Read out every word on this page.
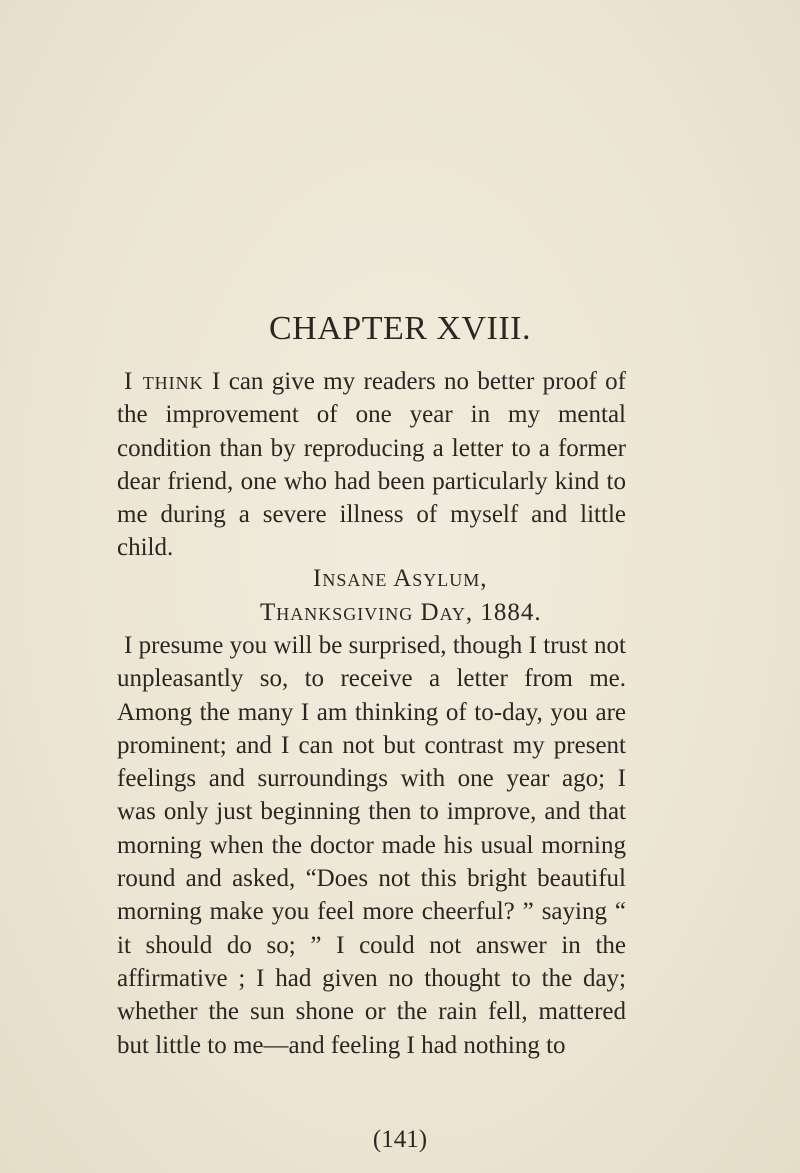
CHAPTER XVIII.

I think I can give my readers no better proof of the improvement of one year in my mental condition than by reproducing a letter to a former dear friend, one who had been particularly kind to me during a severe illness of myself and little child.

Insane Asylum,
Thanksgiving Day, 1884.

I presume you will be surprised, though I trust not unpleasantly so, to receive a letter from me. Among the many I am thinking of to-day, you are prominent; and I can not but contrast my present feelings and surroundings with one year ago; I was only just beginning then to improve, and that morning when the doctor made his usual morning round and asked, “Does not this bright beautiful morning make you feel more cheerful? ” saying “ it should do so; ” I could not answer in the affirmative ; I had given no thought to the day; whether the sun shone or the rain fell, mattered but little to me—and feeling I had nothing to

(141)
